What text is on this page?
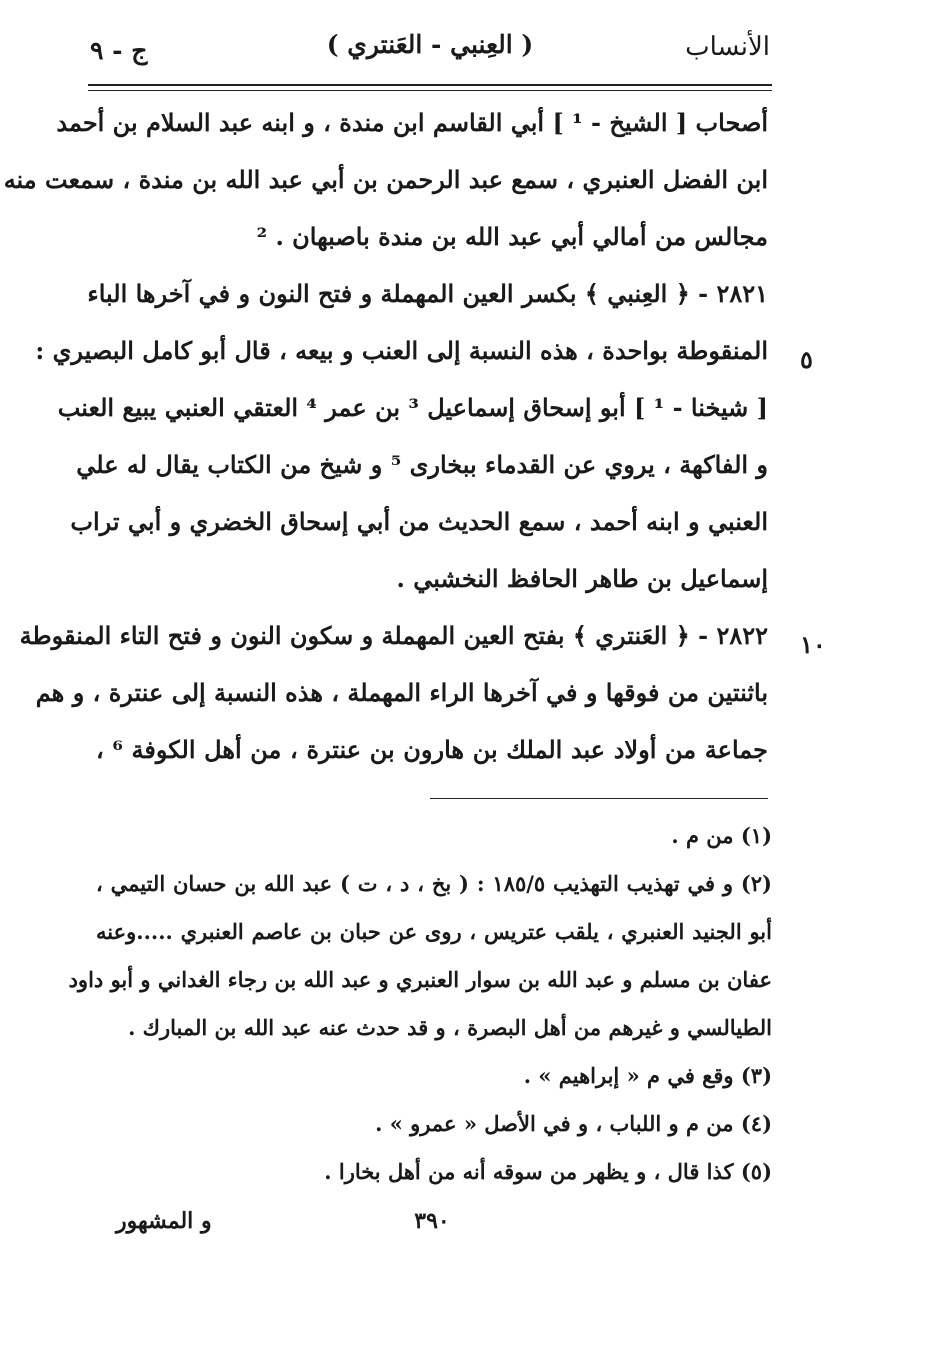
الأنساب
( العِنبي - العَنتري )
ج - ٩
أصحاب [ الشيخ - ¹ ] أبي القاسم ابن مندة ، و ابنه عبد السلام بن أحمد
ابن الفضل العنبري ، سمع عبد الرحمن بن أبي عبد الله بن مندة ، سمعت منه
مجالس من أمالي أبي عبد الله بن مندة باصبهان . ²
٢٨٢١ - ﴿ العِنبي ﴾ بكسر العين المهملة و فتح النون و في آخرها الباء
المنقوطة بواحدة ، هذه النسبة إلى العنب و بيعه ، قال أبو كامل البصيري :
[ شيخنا - ¹ ] أبو إسحاق إسماعيل ³ بن عمر ⁴ العتقي العنبي يبيع العنب
و الفاكهة ، يروي عن القدماء ببخارى ⁵ و شيخ من الكتاب يقال له علي
العنبي و ابنه أحمد ، سمع الحديث من أبي إسحاق الخضري و أبي تراب
إسماعيل بن طاهر الحافظ النخشبي .
٢٨٢٢ - ﴿ العَنتري ﴾ بفتح العين المهملة و سكون النون و فتح التاء المنقوطة
باثنتين من فوقها و في آخرها الراء المهملة ، هذه النسبة إلى عنترة ، و هم
جماعة من أولاد عبد الملك بن هارون بن عنترة ، من أهل الكوفة ⁶ ،
٥
١٠
(١) من م .
(٢) و في تهذيب التهذيب ١٨٥/٥ : ( بخ ، د ، ت ) عبد الله بن حسان التيمي ،
أبو الجنيد العنبري ، يلقب عتريس ، روى عن حبان بن عاصم العنبري .....وعنه
عفان بن مسلم و عبد الله بن سوار العنبري و عبد الله بن رجاء الغداني و أبو داود
الطيالسي و غيرهم من أهل البصرة ، و قد حدث عنه عبد الله بن المبارك .
(٣) وقع في م « إبراهيم » .
(٤) من م و اللباب ، و في الأصل « عمرو » .
(٥) كذا قال ، و يظهر من سوقه أنه من أهل بخارا .
٣٩٠
و المشهور
